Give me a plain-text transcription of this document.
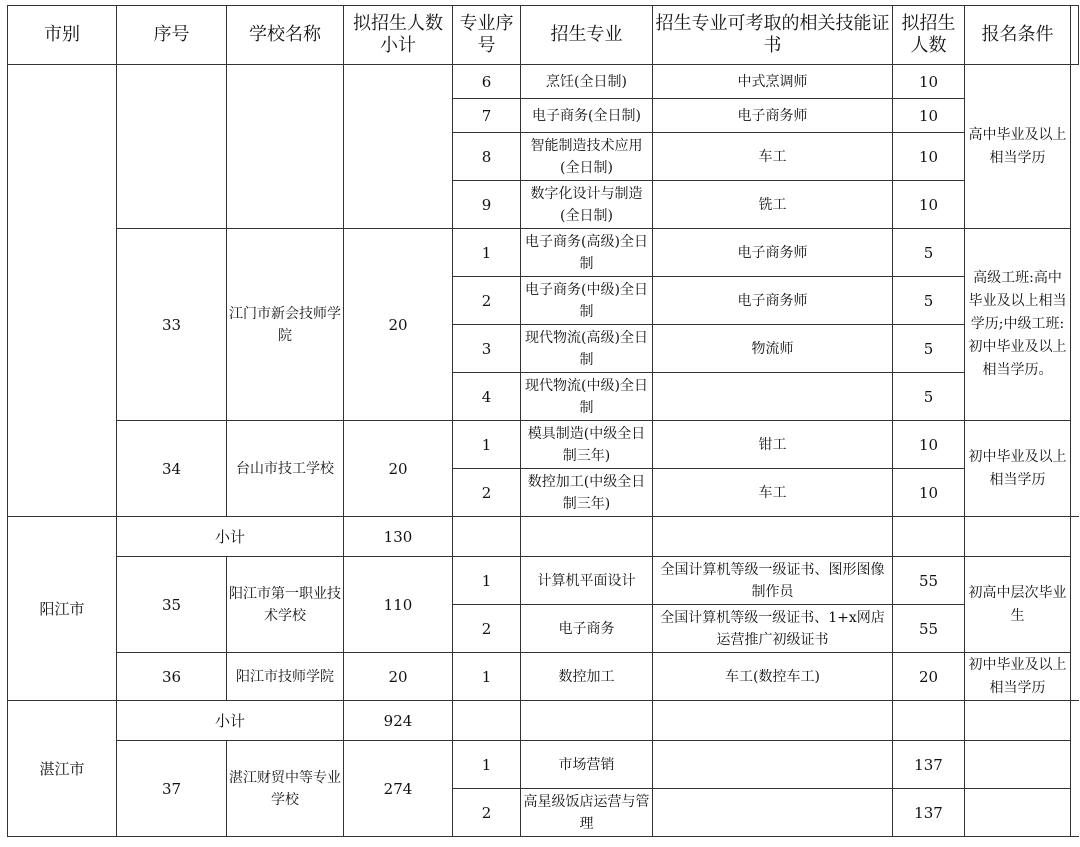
市别	序号	学校名称	拟招生人数小计	专业序号	招生专业	招生专业可考取的相关技能证书	拟招生人数	报名条件	
				6	烹饪(全日制)	中式烹调师	10	高中毕业及以上相当学历	
				7	电子商务(全日制)	电子商务师	10		
				8	智能制造技术应用(全日制)	车工	10		
				9	数字化设计与制造(全日制)	铣工	10		
	33	江门市新会技师学院	20	1	电子商务(高级)全日制	电子商务师	5	高级工班:高中毕业及以上相当学历;中级工班:初中毕业及以上相当学历。	
				2	电子商务(中级)全日制	电子商务师	5		
				3	现代物流(高级)全日制	物流师	5		
				4	现代物流(中级)全日制		5		
	34	台山市技工学校	20	1	模具制造(中级全日制三年)	钳工	10	初中毕业及以上相当学历	
				2	数控加工(中级全日制三年)	车工	10		
阳江市	小计		130						
	35	阳江市第一职业技术学校	110	1	计算机平面设计	全国计算机等级一级证书、图形图像制作员	55	初高中层次毕业生	
				2	电子商务	全国计算机等级一级证书、1+x网店运营推广初级证书	55		
	36	阳江市技师学院	20	1	数控加工	车工(数控车工)	20	初中毕业及以上相当学历	
湛江市	小计		924						
	37	湛江财贸中等专业学校	274	1	市场营销		137		
				2	高星级饭店运营与管理		137		
